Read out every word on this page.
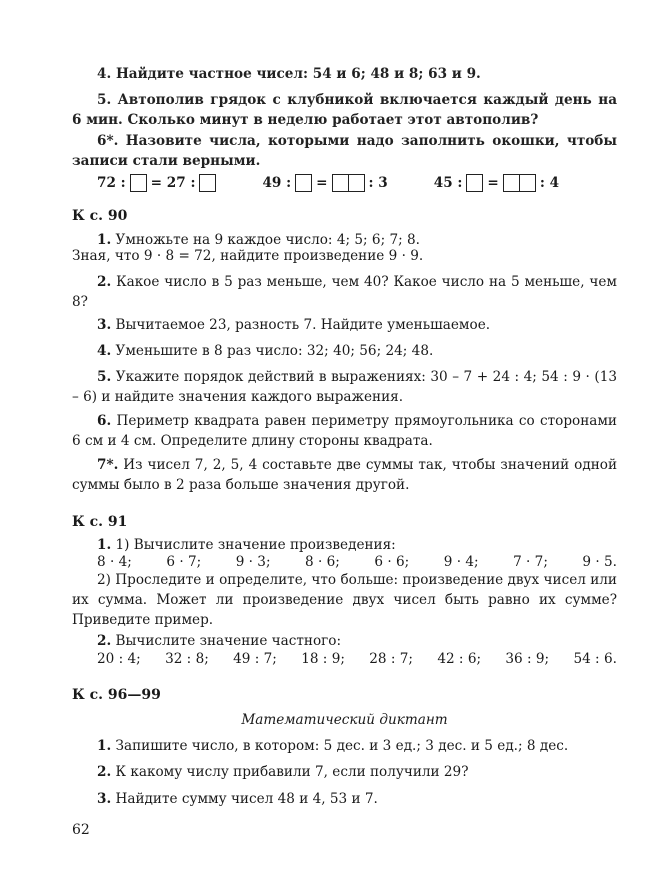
4. Найдите частное чисел: 54 и 6; 48 и 8; 63 и 9.
5. Автополив грядок с клубникой включается каждый день на 6 мин. Сколько минут в неделю работает этот автополив?
6*. Назовите числа, которыми надо заполнить окошки, чтобы записи стали верными.
72 : = 27 :	49 : =	: 3	45 : =	: 4
К с. 90
1. Умножьте на 9 каждое число: 4; 5; 6; 7; 8.
Зная, что 9 · 8 = 72, найдите произведение 9 · 9.
2. Какое число в 5 раз меньше, чем 40? Какое число на 5 меньше, чем 8?
3. Вычитаемое 23, разность 7. Найдите уменьшаемое.
4. Уменьшите в 8 раз число: 32; 40; 56; 24; 48.
5. Укажите порядок действий в выражениях: 30 – 7 + 24 : 4; 54 : 9 · (13 – 6) и найдите значения каждого выражения.
6. Периметр квадрата равен периметру прямоугольника со сторонами 6 см и 4 см. Определите длину стороны квадрата.
7*. Из чисел 7, 2, 5, 4 составьте две суммы так, чтобы значений одной суммы было в 2 раза больше значения другой.
К с. 91
1. 1) Вычислите значение произведения:
8 · 4;	6 · 7;	9 · 3;	8 · 6;	6 · 6;	9 · 4;	7 · 7;	9 · 5.
2) Проследите и определите, что больше: произведение двух чисел или их сумма. Может ли произведение двух чисел быть равно их сумме? Приведите пример.
2. Вычислите значение частного:
20 : 4; 32 : 8; 49 : 7; 18 : 9; 28 : 7; 42 : 6; 36 : 9; 54 : 6.
К с. 96—99
Математический диктант
1. Запишите число, в котором: 5 дес. и 3 ед.; 3 дес. и 5 ед.; 8 дес.
2. К какому числу прибавили 7, если получили 29?
3. Найдите сумму чисел 48 и 4, 53 и 7.
62
